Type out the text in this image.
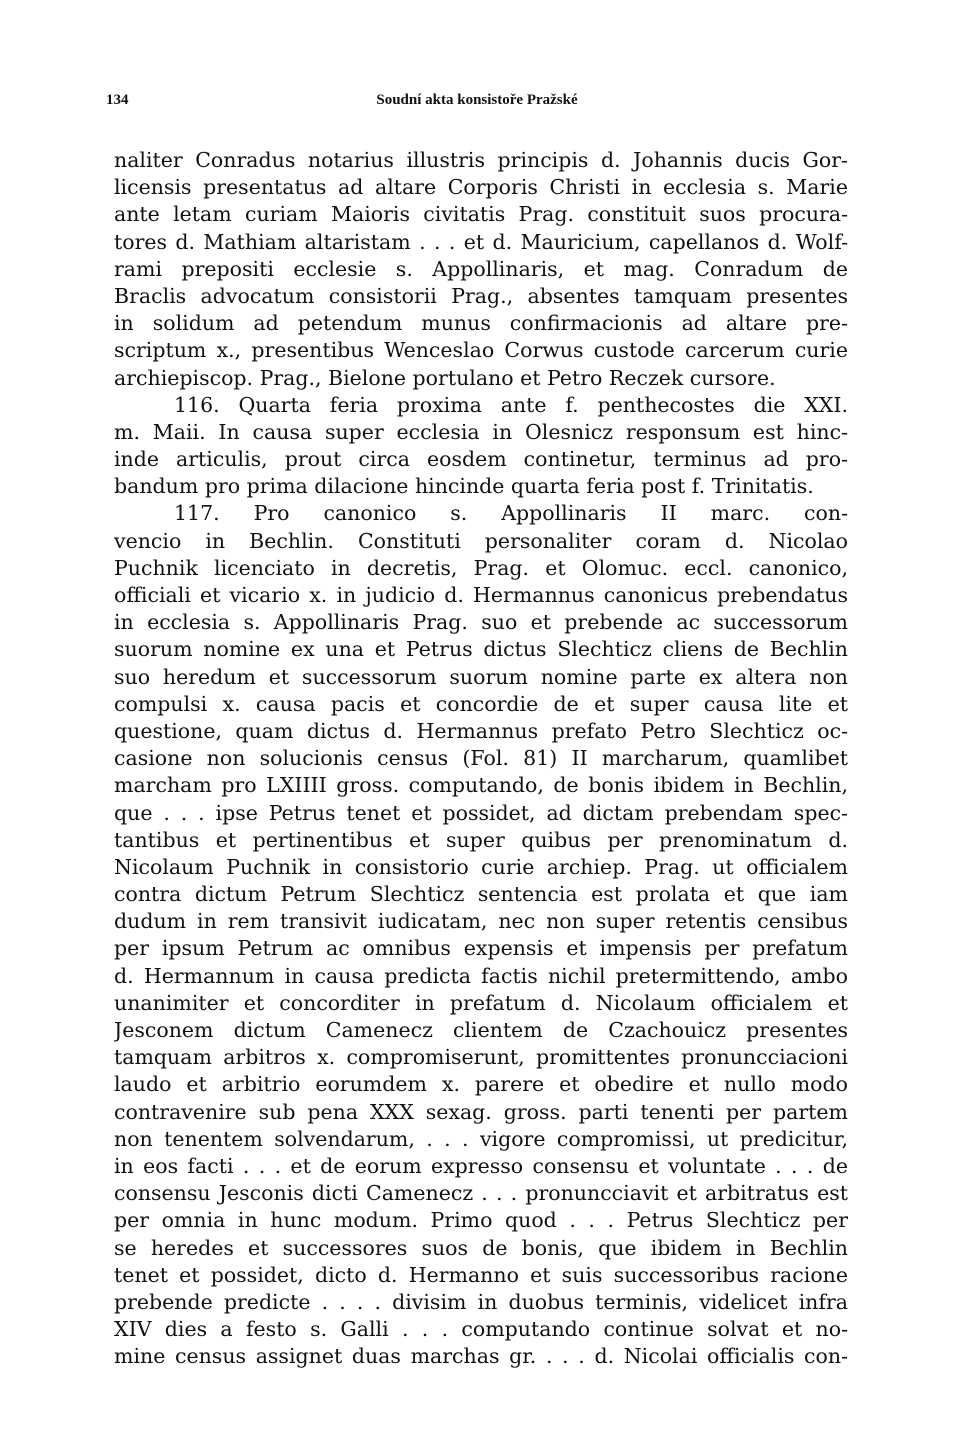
134	Soudní akta konsistoře Pražské
naliter Conradus notarius illustris principis d. Johannis ducis Gor-
licensis presentatus ad altare Corporis Christi in ecclesia s. Marie
ante letam curiam Maioris civitatis Prag. constituit suos procura-
tores d. Mathiam altaristam . . . et d. Mauricium, capellanos d. Wolf-
rami prepositi ecclesie s. Appollinaris, et mag. Conradum de
Braclis advocatum consistorii Prag., absentes tamquam presentes
in solidum ad petendum munus confirmacionis ad altare pre-
scriptum x., presentibus Wenceslao Corwus custode carcerum curie
archiepiscop. Prag., Bielone portulano et Petro Reczek cursore.
116. Quarta feria proxima ante f. penthecostes die XXI.
m. Maii. In causa super ecclesia in Olesnicz responsum est hinc-
inde articulis, prout circa eosdem continetur, terminus ad pro-
bandum pro prima dilacione hincinde quarta feria post f. Trinitatis.
117. Pro canonico s. Appollinaris II marc. con-
vencio in Bechlin. Constituti personaliter coram d. Nicolao
Puchnik licenciato in decretis, Prag. et Olomuc. eccl. canonico,
officiali et vicario x. in judicio d. Hermannus canonicus prebendatus
in ecclesia s. Appollinaris Prag. suo et prebende ac successorum
suorum nomine ex una et Petrus dictus Slechticz cliens de Bechlin
suo heredum et successorum suorum nomine parte ex altera non
compulsi x. causa pacis et concordie de et super causa lite et
questione, quam dictus d. Hermannus prefato Petro Slechticz oc-
casione non solucionis census (Fol. 81) II marcharum, quamlibet
marcham pro LXIIII gross. computando, de bonis ibidem in Bechlin,
que . . . ipse Petrus tenet et possidet, ad dictam prebendam spec-
tantibus et pertinentibus et super quibus per prenominatum d.
Nicolaum Puchnik in consistorio curie archiep. Prag. ut officialem
contra dictum Petrum Slechticz sentencia est prolata et que iam
dudum in rem transivit iudicatam, nec non super retentis censibus
per ipsum Petrum ac omnibus expensis et impensis per prefatum
d. Hermannum in causa predicta factis nichil pretermittendo, ambo
unanimiter et concorditer in prefatum d. Nicolaum officialem et
Jesconem dictum Camenecz clientem de Czachouicz presentes
tamquam arbitros x. compromiserunt, promittentes pronuncciacioni
laudo et arbitrio eorumdem x. parere et obedire et nullo modo
contravenire sub pena XXX sexag. gross. parti tenenti per partem
non tenentem solvendarum, . . . vigore compromissi, ut predicitur,
in eos facti . . . et de eorum expresso consensu et voluntate . . . de
consensu Jesconis dicti Camenecz . . . pronuncciavit et arbitratus est
per omnia in hunc modum. Primo quod . . . Petrus Slechticz per
se heredes et successores suos de bonis, que ibidem in Bechlin
tenet et possidet, dicto d. Hermanno et suis successoribus racione
prebende predicte . . . . divisim in duobus terminis, videlicet infra
XIV dies a festo s. Galli . . . computando continue solvat et no-
mine census assignet duas marchas gr. . . . d. Nicolai officialis con-
